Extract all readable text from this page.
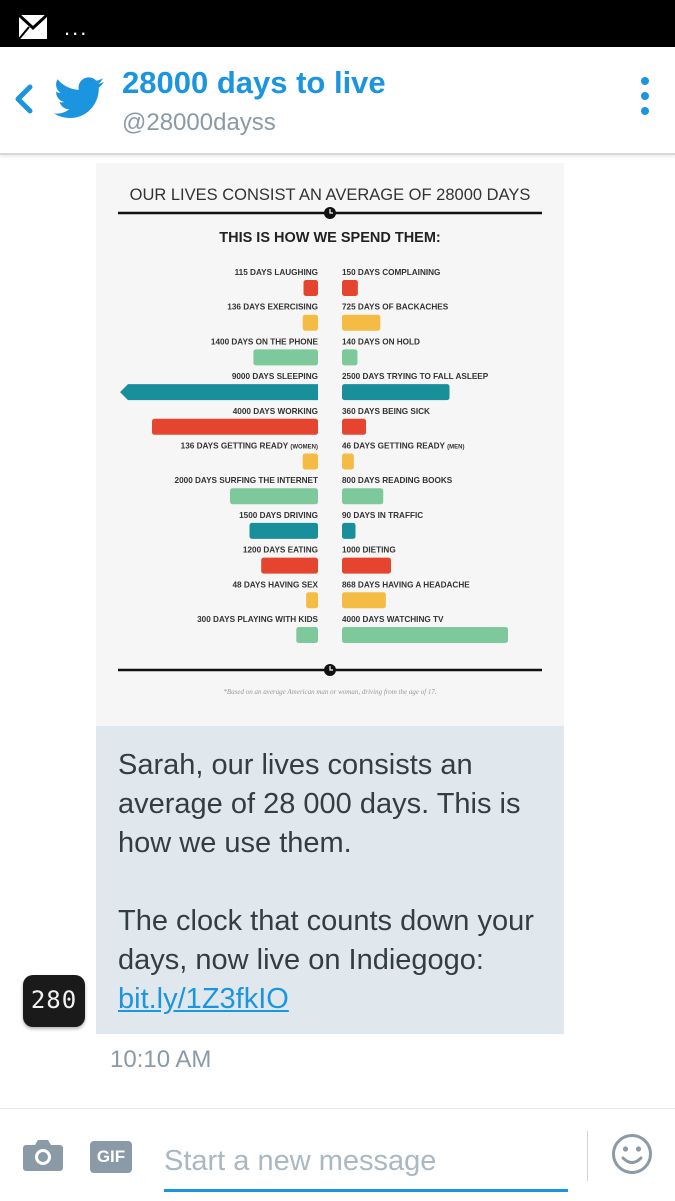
...
28000 days to live
@28000dayss
OUR LIVES CONSIST AN AVERAGE OF 28000 DAYS
THIS IS HOW WE SPEND THEM:
115 DAYS LAUGHING	150 DAYS COMPLAINING
136 DAYS EXERCISING	725 DAYS OF BACKACHES
1400 DAYS ON THE PHONE	140 DAYS ON HOLD
9000 DAYS SLEEPING	2500 DAYS TRYING TO FALL ASLEEP
4000 DAYS WORKING	360 DAYS BEING SICK
136 DAYS GETTING READY (WOMEN)	46 DAYS GETTING READY (MEN)
2000 DAYS SURFING THE INTERNET	800 DAYS READING BOOKS
1500 DAYS DRIVING	90 DAYS IN TRAFFIC
1200 DAYS EATING	1000 DIETING
48 DAYS HAVING SEX	868 DAYS HAVING A HEADACHE
300 DAYS PLAYING WITH KIDS	4000 DAYS WATCHING TV
*Based on an average American man or woman, driving from the age of 17.

Sarah, our lives consists an average of 28 000 days. This is how we use them.

The clock that counts down your days, now live on Indiegogo: bit.ly/1Z3fkIO

280
10:10 AM
GIF
Start a new message
